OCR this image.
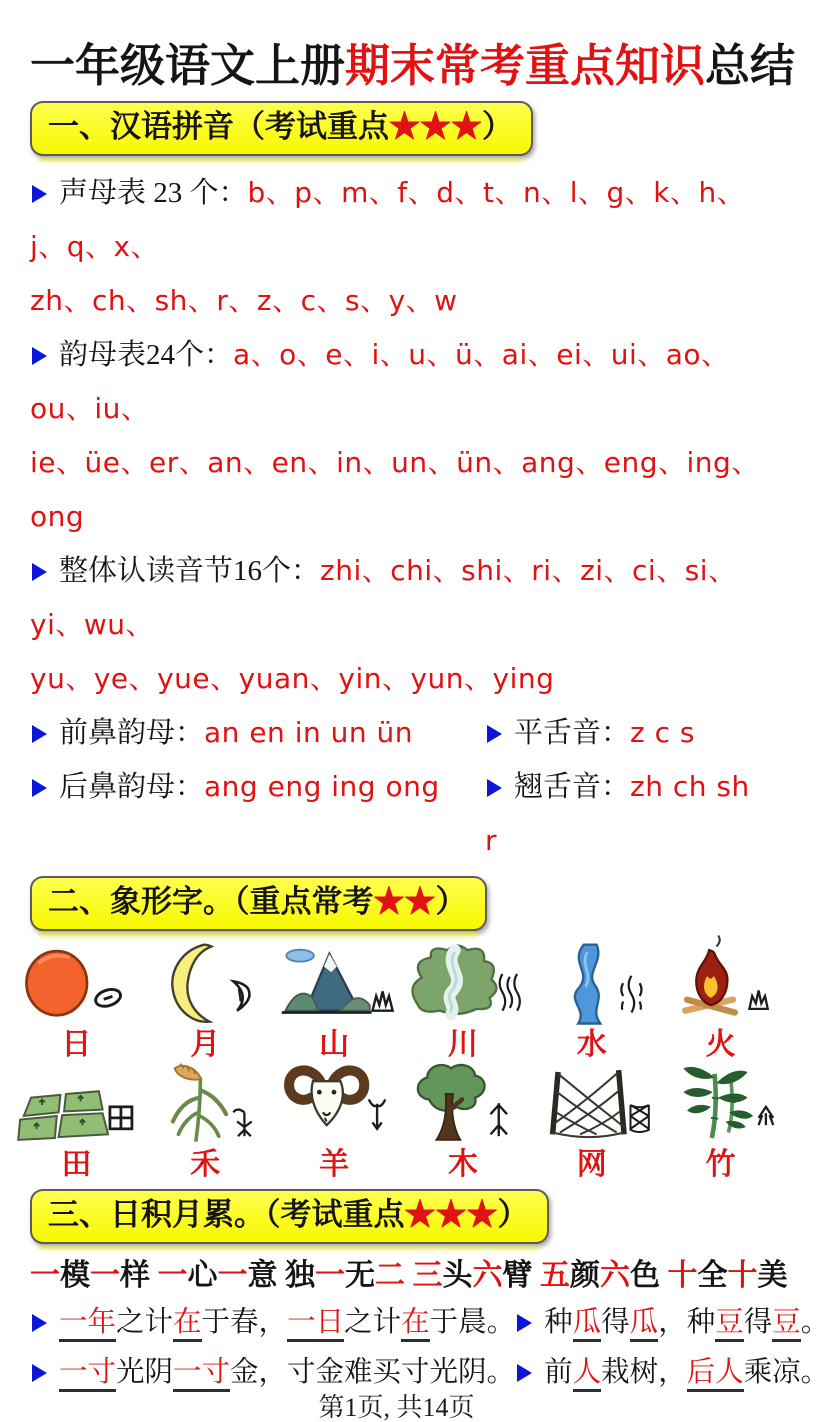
一年级语文上册期末常考重点知识总结
一、汉语拼音（考试重点★★★）
声母表 23 个：b、p、m、f、d、t、n、l、g、k、h、j、q、x、
zh、ch、sh、r、z、c、s、y、w
韵母表24个：a、o、e、i、u、ü、ai、ei、ui、ao、ou、iu、
ie、üe、er、an、en、in、un、ün、ang、eng、ing、ong
整体认读音节16个：zhi、chi、shi、ri、zi、ci、si、yi、wu、
yu、ye、yue、yuan、yin、yun、ying
前鼻韵母：an en in un ün	平舌音：z c s
后鼻韵母：ang eng ing ong	翘舌音：zh ch sh r
二、象形字。（重点常考★★）
日	月	山	川	水	火
田	禾	羊	木	网	竹
三、日积月累。（考试重点★★★）
一模一样 一心一意 独一无二 三头六臂 五颜六色 十全十美
一年之计在于春，一日之计在于晨。	种瓜得瓜，种豆得豆。
一寸光阴一寸金，寸金难买寸光阴。	前人栽树，后人乘凉。
第1页, 共14页
